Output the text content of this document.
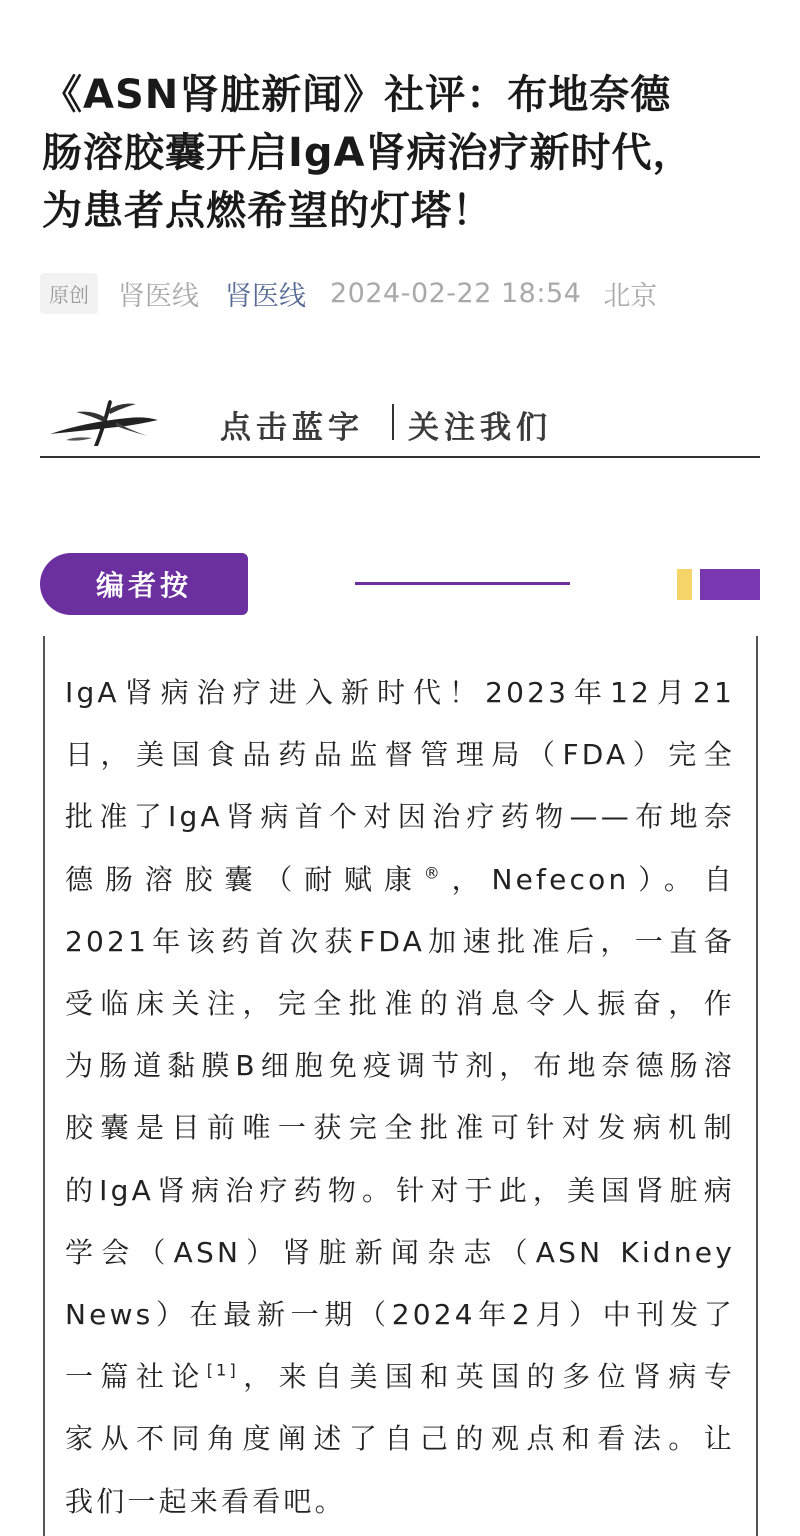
《ASN肾脏新闻》社评：布地奈德
肠溶胶囊开启IgA肾病治疗新时代，
为患者点燃希望的灯塔！
原创	肾医线 肾医线 2024-02-22 18:54 北京
点击蓝字 关注我们
编者按
IgA肾病治疗进入新时代！2023年12月21
日，美国食品药品监督管理局（FDA）完全
批准了IgA肾病首个对因治疗药物——布地奈
德肠溶胶囊（耐赋康®，Nefecon）。自
2021年该药首次获FDA加速批准后，一直备
受临床关注，完全批准的消息令人振奋，作
为肠道黏膜B细胞免疫调节剂，布地奈德肠溶
胶囊是目前唯一获完全批准可针对发病机制
的IgA肾病治疗药物。针对于此，美国肾脏病
学会（ASN）肾脏新闻杂志（ASN Kidney
News）在最新一期（2024年2月）中刊发了
一篇社论[1]，来自美国和英国的多位肾病专
家从不同角度阐述了自己的观点和看法。让
我们一起来看看吧。
